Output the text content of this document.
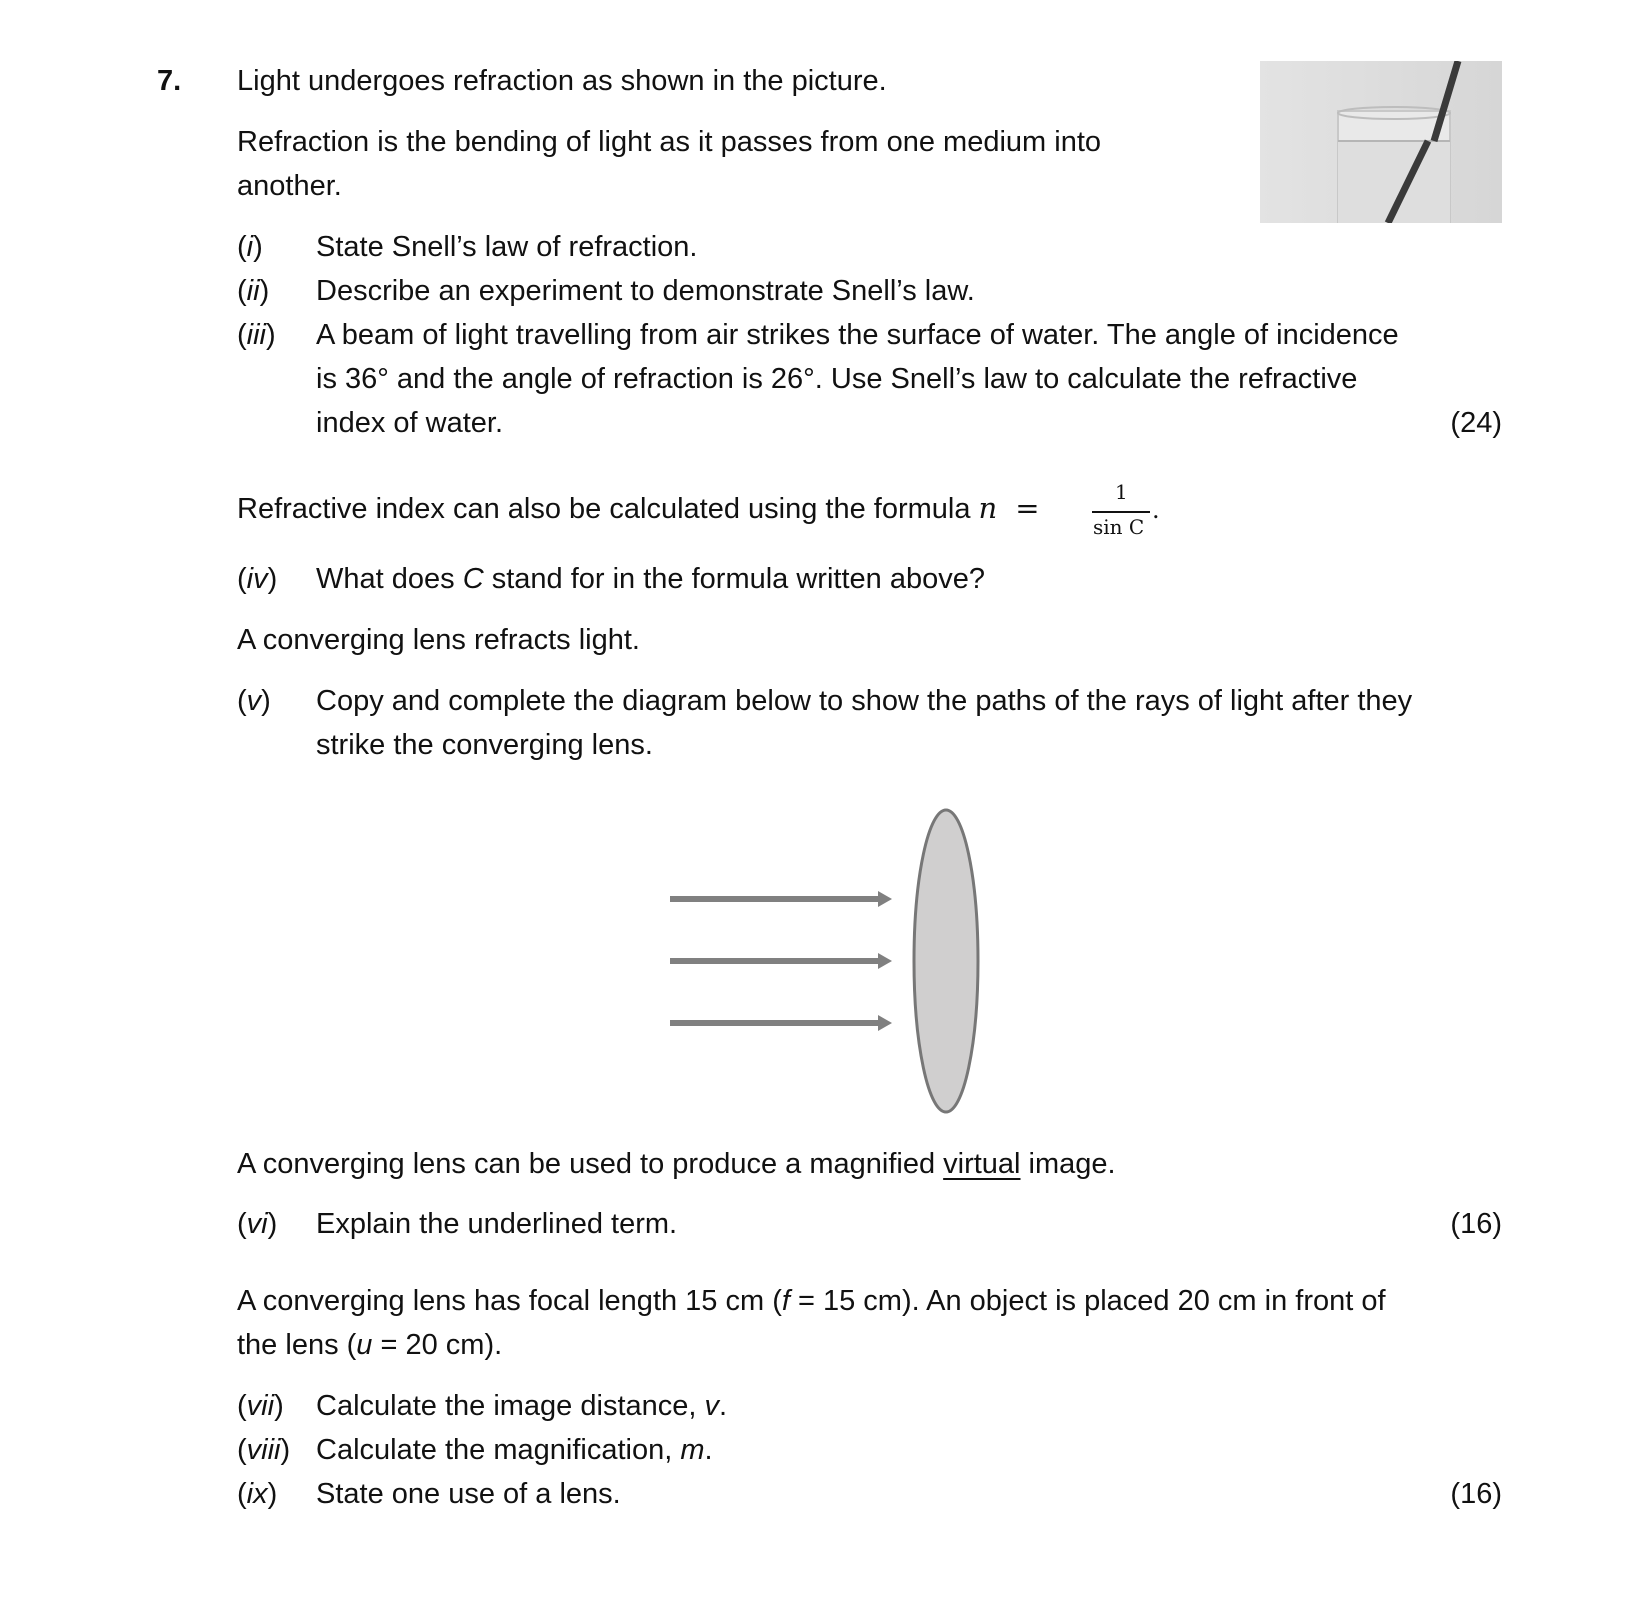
7. Light undergoes refraction as shown in the picture.
Refraction is the bending of light as it passes from one medium into
another.
(i) State Snell’s law of refraction.
(ii) Describe an experiment to demonstrate Snell’s law.
(iii) A beam of light travelling from air strikes the surface of water. The angle of incidence
is 36° and the angle of refraction is 26°. Use Snell’s law to calculate the refractive
index of water.	(24)
Refractive index can also be calculated using the formula n =	1
sin C
.
(iv) What does C stand for in the formula written above?
A converging lens refracts light.
(v) Copy and complete the diagram below to show the paths of the rays of light after they
strike the converging lens.
A converging lens can be used to produce a magnified virtual image.
(vi) Explain the underlined term.	(16)
A converging lens has focal length 15 cm (f = 15 cm). An object is placed 20 cm in front of
the lens (u = 20 cm).
(vii) Calculate the image distance, v.
(viii) Calculate the magnification, m.
(ix) State one use of a lens.	(16)
